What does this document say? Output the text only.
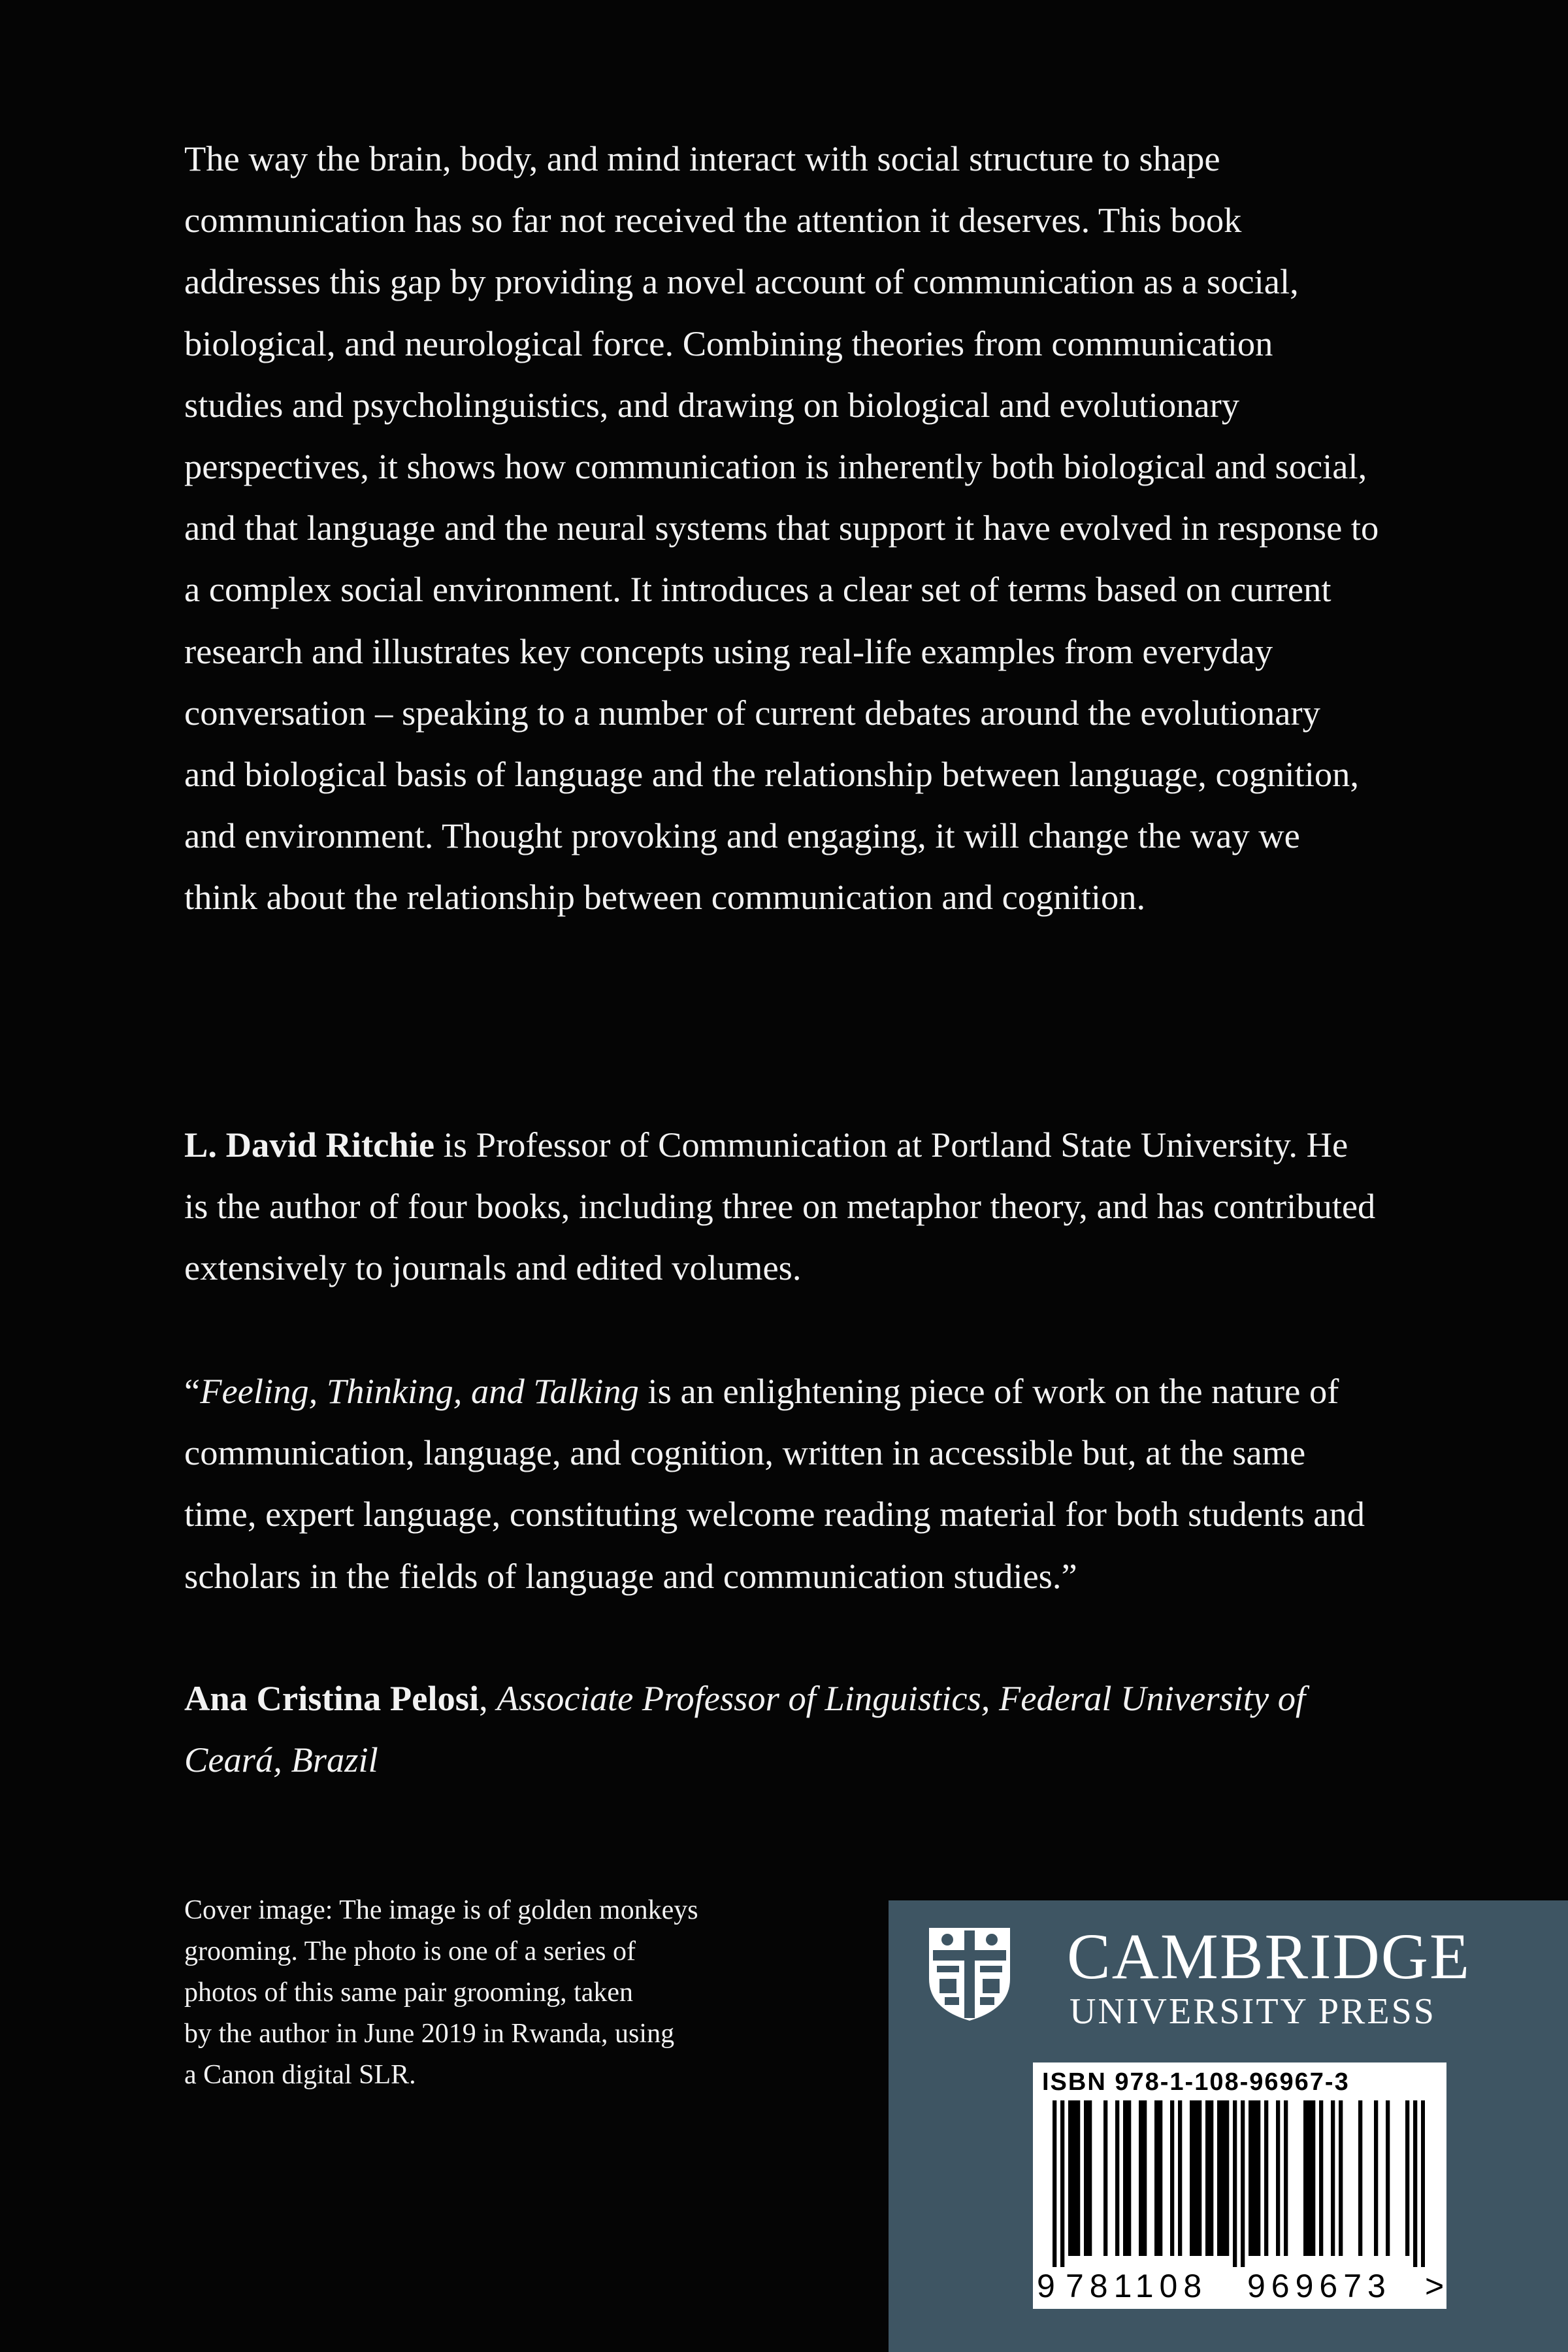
The way the brain, body, and mind interact with social structure to shape communication has so far not received the attention it deserves. This book addresses this gap by providing a novel account of communication as a social, biological, and neurological force. Combining theories from communication studies and psycholinguistics, and drawing on biological and evolutionary perspectives, it shows how communication is inherently both biological and social, and that language and the neural systems that support it have evolved in response to a complex social environment. It introduces a clear set of terms based on current research and illustrates key concepts using real-life examples from everyday conversation – speaking to a number of current debates around the evolutionary and biological basis of language and the relationship between language, cognition, and environment. Thought provoking and engaging, it will change the way we think about the relationship between communication and cognition.

L. David Ritchie is Professor of Communication at Portland State University. He is the author of four books, including three on metaphor theory, and has contributed extensively to journals and edited volumes.

“Feeling, Thinking, and Talking is an enlightening piece of work on the nature of communication, language, and cognition, written in accessible but, at the same time, expert language, constituting welcome reading material for both students and scholars in the fields of language and communication studies.”

Ana Cristina Pelosi, Associate Professor of Linguistics, Federal University of Ceará, Brazil

Cover image: The image is of golden monkeys
grooming. The photo is one of a series of
photos of this same pair grooming, taken
by the author in June 2019 in Rwanda, using
a Canon digital SLR.
CAMBRIDGE
UNIVERSITY PRESS
ISBN 978-1-108-96967-3
9 781108 969673 >
